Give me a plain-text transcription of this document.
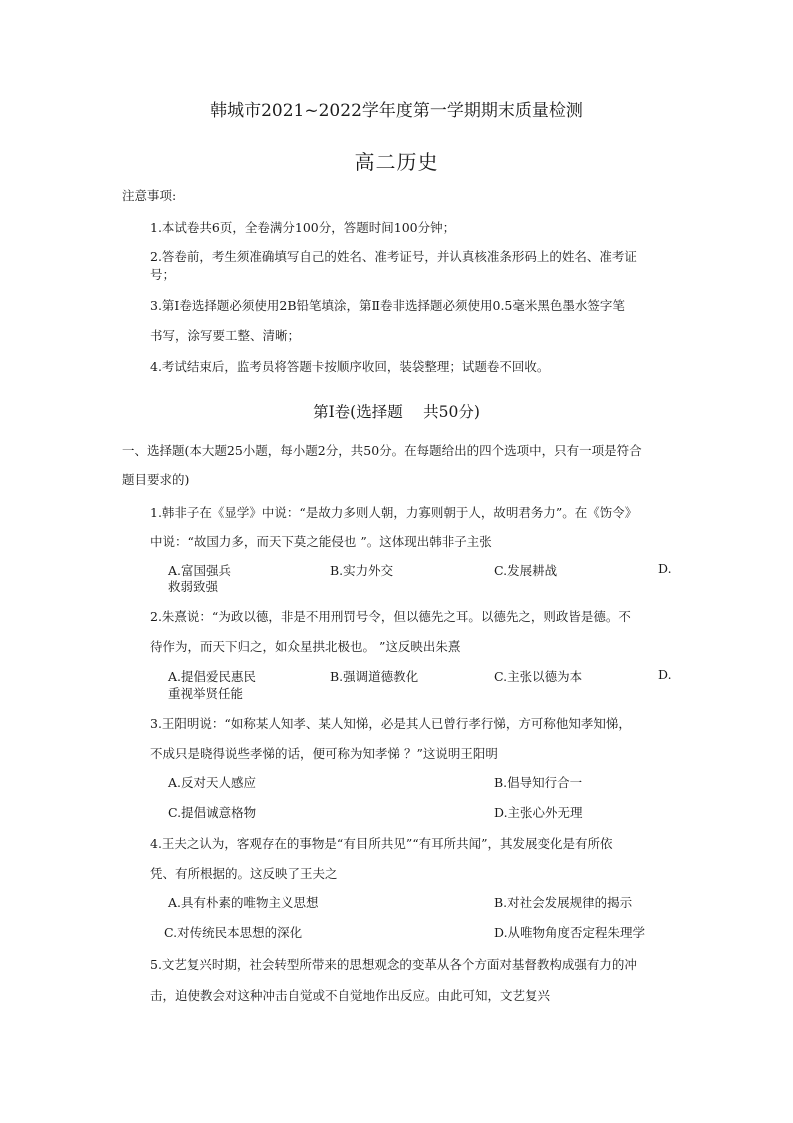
韩城市2021~2022学年度第一学期期末质量检测
高二历史
注意事项:
1.本试卷共6页，全卷满分100分，答题时间100分钟；
2.答卷前，考生须准确填写自己的姓名、准考证号，并认真核准条形码上的姓名、准考证
号；
3.第Ⅰ卷选择题必须使用2B铅笔填涂，第Ⅱ卷非选择题必须使用0.5毫米黑色墨水签字笔
书写，涂写要工整、清晰；
4.考试结束后，监考员将答题卡按顺序收回，装袋整理；试题卷不回收。
第Ⅰ卷(选择题　 共50分)
一、选择题(本大题25小题，每小题2分，共50分。在每题给出的四个选项中，只有一项是符合
题目要求的)
1.韩非子在《显学》中说：“是故力多则人朝，力寡则朝于人，故明君务力”。在《饬令》
中说：“故国力多，而天下莫之能侵也 ”。这体现出韩非子主张
A.富国强兵	B.实力外交	C.发展耕战	D.
救弱致强
2.朱熹说：“为政以德，非是不用刑罚号令，但以德先之耳。以德先之，则政皆是德。不
待作为，而天下归之，如众星拱北极也。 ”这反映出朱熹
A.提倡爱民惠民	B.强调道德教化	C.主张以德为本	D.
重视举贤任能
3.王阳明说：“如称某人知孝、某人知悌，必是其人已曾行孝行悌，方可称他知孝知悌，
不成只是晓得说些孝悌的话，便可称为知孝悌 ？”这说明王阳明
A.反对天人感应	B.倡导知行合一
C.提倡诚意格物	D.主张心外无理
4.王夫之认为，客观存在的事物是“有目所共见”“有耳所共闻”，其发展变化是有所依
凭、有所根据的。这反映了王夫之
A.具有朴素的唯物主义思想	B.对社会发展规律的揭示
C.对传统民本思想的深化	D.从唯物角度否定程朱理学
5.文艺复兴时期，社会转型所带来的思想观念的变革从各个方面对基督教构成强有力的冲
击，迫使教会对这种冲击自觉或不自觉地作出反应。由此可知，文艺复兴
